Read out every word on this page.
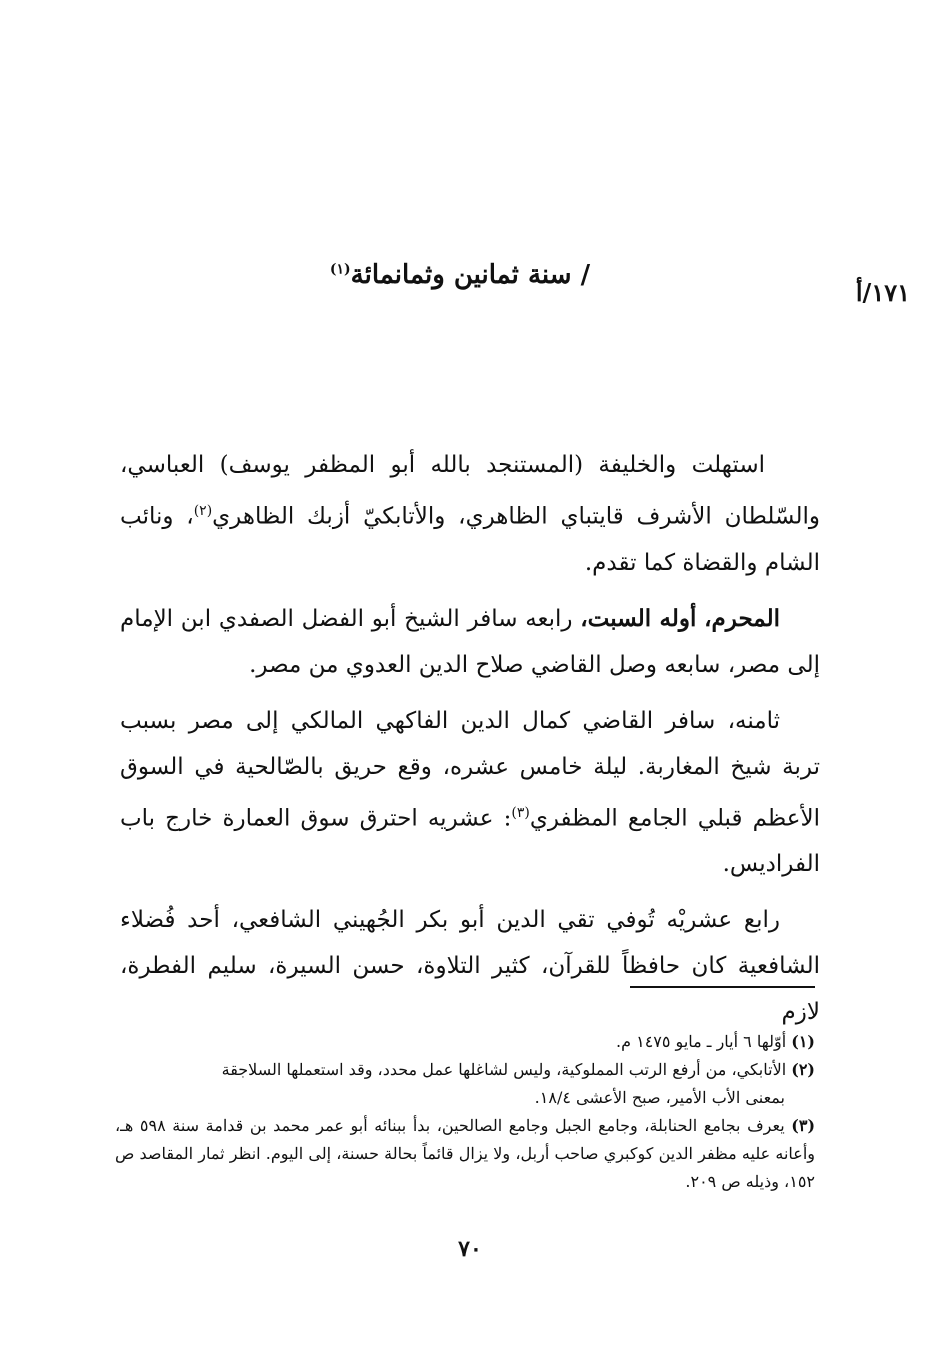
١٧١/أ
/ سنة ثمانين وثمانمائة$^{(١)}$

استهلت والخليفة (المستنجد بالله أبو المظفر يوسف) العباسي، والسّلطان الأشرف قايتباي الظاهري، والأتابكيّ أزبك الظاهري$^{(٢)}$، ونائب الشام والقضاة كما تقدم.

المحرم، أوله السبت، رابعه سافر الشيخ أبو الفضل الصفدي ابن الإمام إلى مصر، سابعه وصل القاضي صلاح الدين العدوي من مصر.

ثامنه، سافر القاضي كمال الدين الفاكهي المالكي إلى مصر بسبب تربة شيخ المغاربة. ليلة خامس عشره، وقع حريق بالصّالحية في السوق الأعظم قبلي الجامع المظفري$^{(٣)}$: عشريه احترق سوق العمارة خارج باب الفراديس.

رابع عشريْه تُوفي تقي الدين أبو بكر الجُهيني الشافعي، أحد فُضلاء الشافعية كان حافظاً للقرآن، كثير التلاوة، حسن السيرة، سليم الفطرة، لازم

(١) أوّلها ٦ أيار ـ مايو ١٤٧٥ م.

(٢) الأتابكي، من أرفع الرتب المملوكية، وليس لشاغلها عمل محدد، وقد استعملها السلاجقة

بمعنى الأب الأمير، صبح الأعشى ١٨/٤.

(٣) يعرف بجامع الحنابلة، وجامع الجبل وجامع الصالحين، بدأ ببنائه أبو عمر محمد بن قدامة سنة ٥٩٨ هـ، وأعانه عليه مظفر الدين كوكبري صاحب أربل، ولا يزال قائماً بحالة حسنة، إلى اليوم. انظر ثمار المقاصد ص ١٥٢، وذيله ص ٢٠٩.

٧٠
